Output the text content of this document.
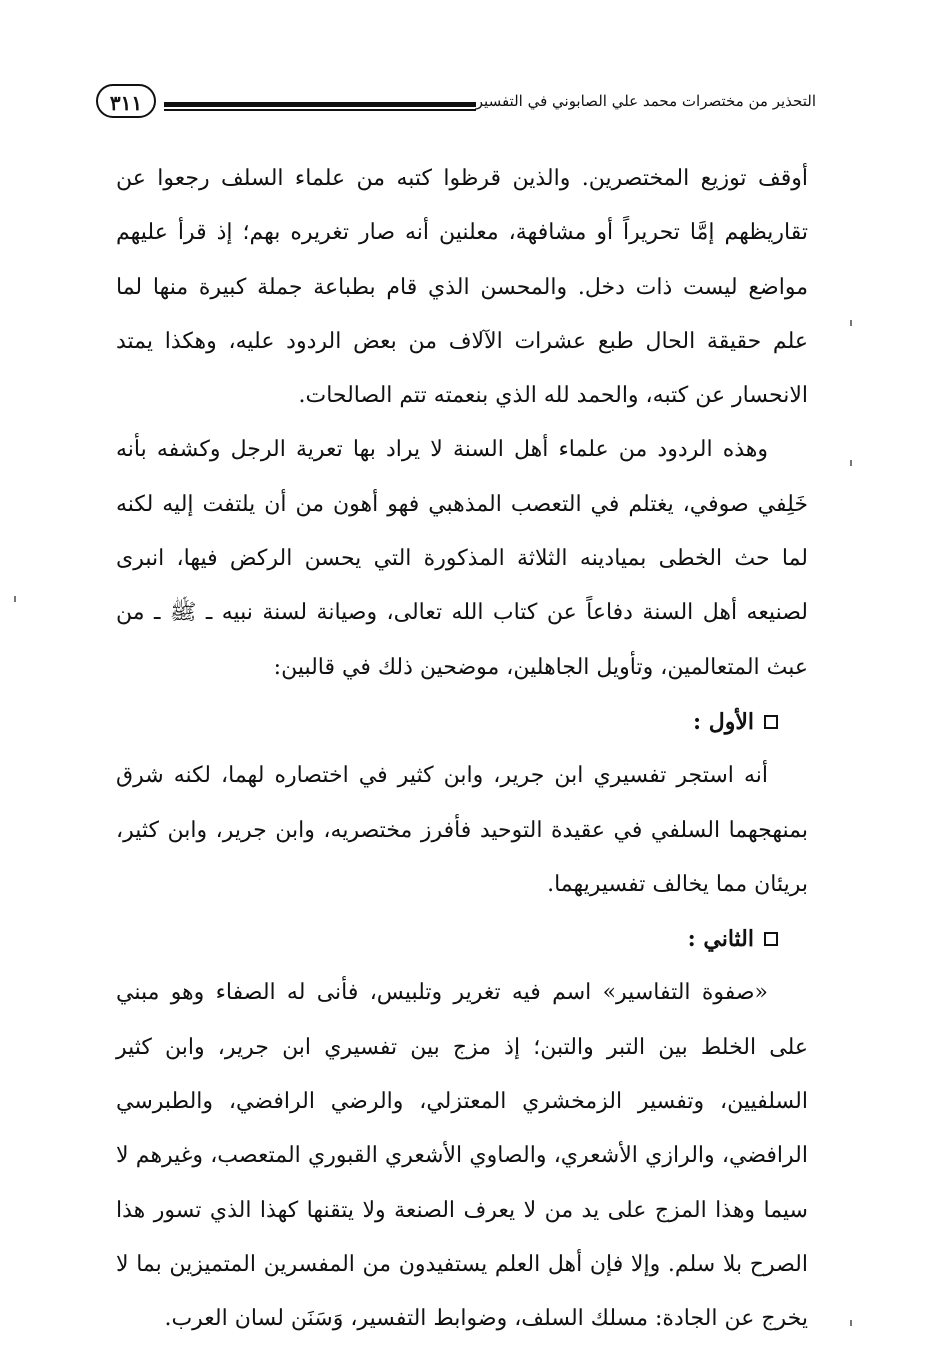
التحذير من مختصرات محمد علي الصابوني في التفسير
٣١١

أوقف توزيع المختصرين. والذين قرظوا كتبه من علماء السلف رجعوا عن تقاريظهم إمَّا تحريراً أو مشافهة، معلنين أنه صار تغريره بهم؛ إذ قرأ عليهم مواضع ليست ذات دخل. والمحسن الذي قام بطباعة جملة كبيرة منها لما علم حقيقة الحال طبع عشرات الآلاف من بعض الردود عليه، وهكذا يمتد الانحسار عن كتبه، والحمد لله الذي بنعمته تتم الصالحات.

وهذه الردود من علماء أهل السنة لا يراد بها تعرية الرجل وكشفه بأنه خَلِفي صوفي، يغتلم في التعصب المذهبي فهو أهون من أن يلتفت إليه لكنه لما حث الخطى بميادينه الثلاثة المذكورة التي يحسن الركض فيها، انبرى لصنيعه أهل السنة دفاعاً عن كتاب الله تعالى، وصيانة لسنة نبيه ـ ﷺ ـ من عبث المتعالمين، وتأويل الجاهلين، موضحين ذلك في قالبين:

الأول :

أنه استجر تفسيري ابن جرير، وابن كثير في اختصاره لهما، لكنه شرق بمنهجهما السلفي في عقيدة التوحيد فأفرز مختصريه، وابن جرير، وابن كثير، بريئان مما يخالف تفسيريهما.

الثاني :

«صفوة التفاسير» اسم فيه تغرير وتلبيس، فأنى له الصفاء وهو مبني على الخلط بين التبر والتبن؛ إذ مزج بين تفسيري ابن جرير، وابن كثير السلفيين، وتفسير الزمخشري المعتزلي، والرضي الرافضي، والطبرسي الرافضي، والرازي الأشعري، والصاوي الأشعري القبوري المتعصب، وغيرهم لا سيما وهذا المزج على يد من لا يعرف الصنعة ولا يتقنها كهذا الذي تسور هذا الصرح بلا سلم. وإلا فإن أهل العلم يستفيدون من المفسرين المتميزين بما لا يخرج عن الجادة: مسلك السلف، وضوابط التفسير، وَسَنَن لسان العرب.
